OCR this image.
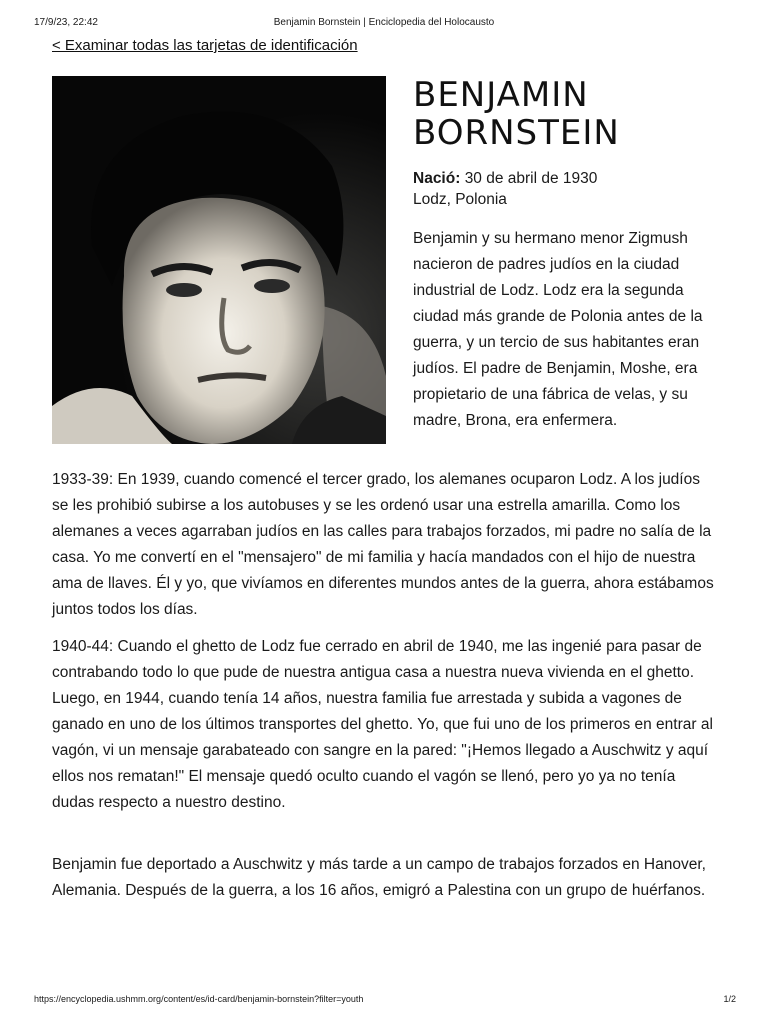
17/9/23, 22:42	Benjamin Bornstein | Enciclopedia del Holocausto
< Examinar todas las tarjetas de identificación
BENJAMIN
BORNSTEIN
Nació: 30 de abril de 1930
Lodz, Polonia

Benjamin y su hermano menor Zigmush nacieron de padres judíos en la ciudad industrial de Lodz. Lodz era la segunda ciudad más grande de Polonia antes de la guerra, y un tercio de sus habitantes eran judíos. El padre de Benjamin, Moshe, era propietario de una fábrica de velas, y su madre, Brona, era enfermera.

1933-39: En 1939, cuando comencé el tercer grado, los alemanes ocuparon Lodz. A los judíos se les prohibió subirse a los autobuses y se les ordenó usar una estrella amarilla. Como los alemanes a veces agarraban judíos en las calles para trabajos forzados, mi padre no salía de la casa. Yo me convertí en el "mensajero" de mi familia y hacía mandados con el hijo de nuestra ama de llaves. Él y yo, que vivíamos en diferentes mundos antes de la guerra, ahora estábamos juntos todos los días.

1940-44: Cuando el ghetto de Lodz fue cerrado en abril de 1940, me las ingenié para pasar de contrabando todo lo que pude de nuestra antigua casa a nuestra nueva vivienda en el ghetto. Luego, en 1944, cuando tenía 14 años, nuestra familia fue arrestada y subida a vagones de ganado en uno de los últimos transportes del ghetto. Yo, que fui uno de los primeros en entrar al vagón, vi un mensaje garabateado con sangre en la pared: "¡Hemos llegado a Auschwitz y aquí ellos nos rematan!" El mensaje quedó oculto cuando el vagón se llenó, pero yo ya no tenía dudas respecto a nuestro destino.

Benjamin fue deportado a Auschwitz y más tarde a un campo de trabajos forzados en Hanover, Alemania. Después de la guerra, a los 16 años, emigró a Palestina con un grupo de huérfanos.

https://encyclopedia.ushmm.org/content/es/id-card/benjamin-bornstein?filter=youth	1/2
